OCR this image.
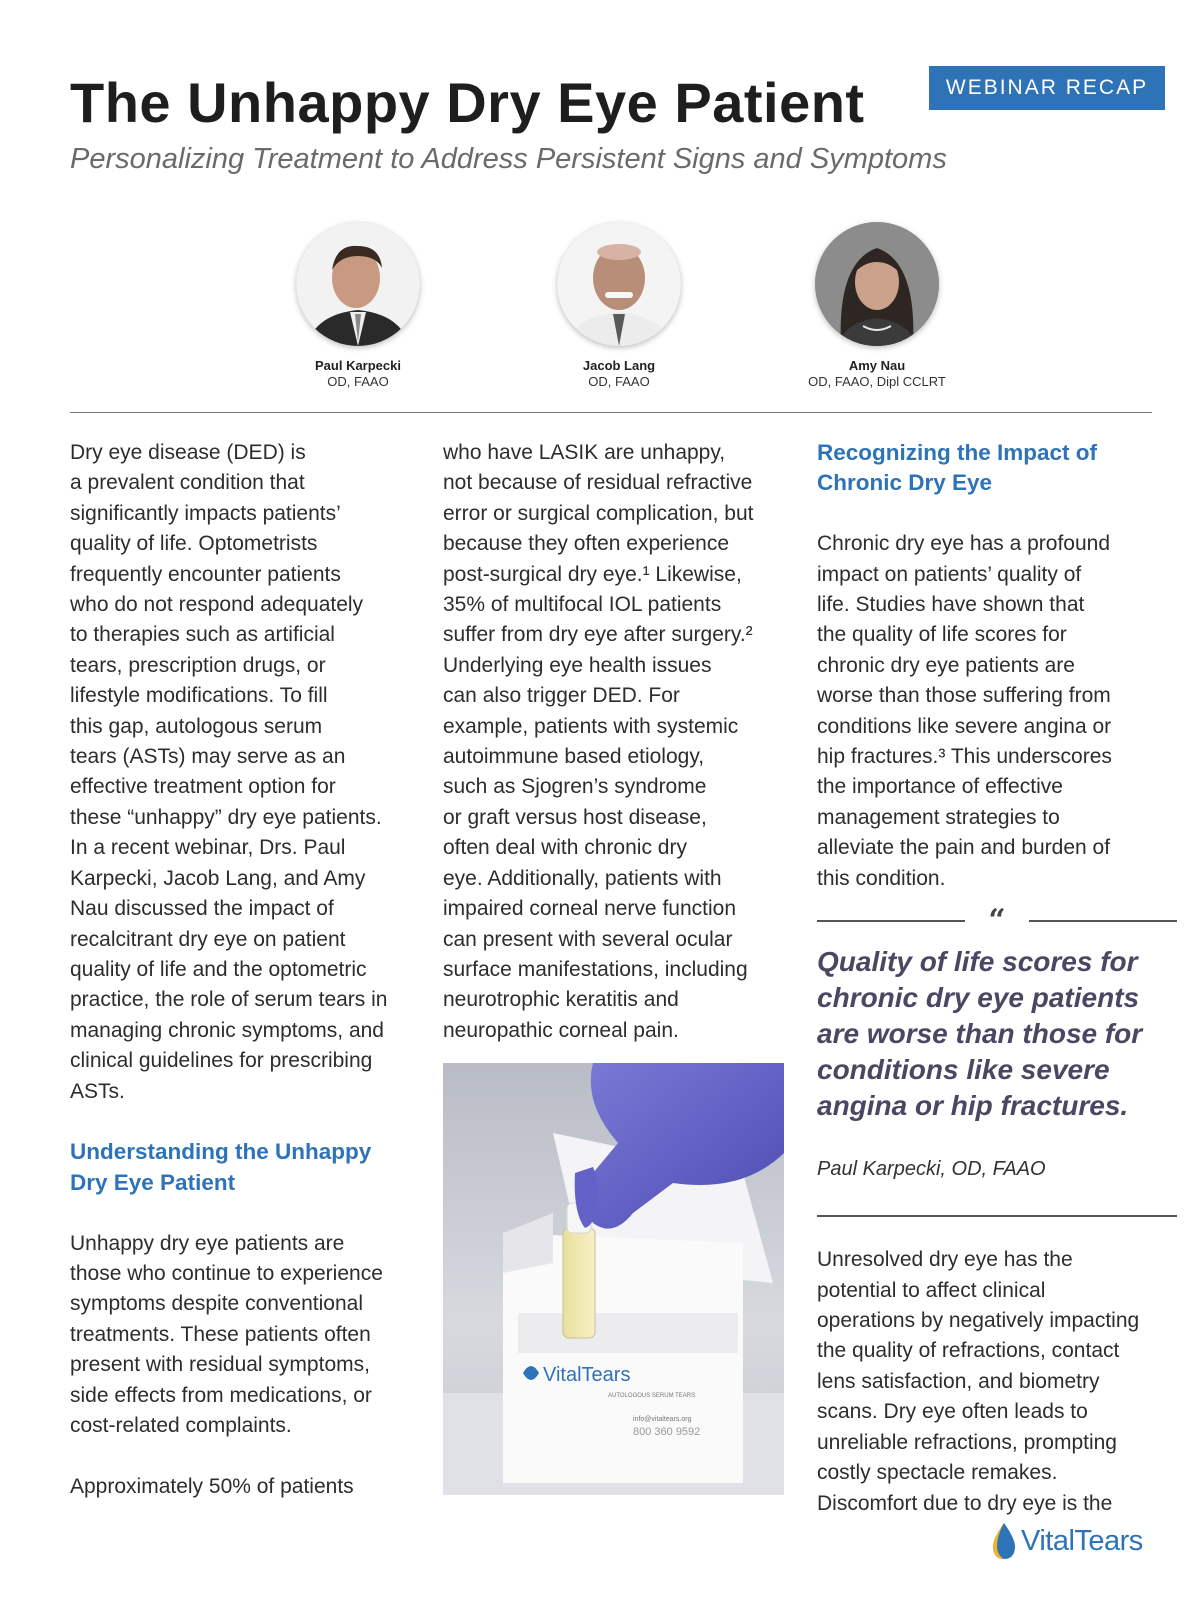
The Unhappy Dry Eye Patient	WEBINAR RECAP
Personalizing Treatment to Address Persistent Signs and Symptoms
Paul Karpecki
OD, FAAO
Jacob Lang
OD, FAAO
Amy Nau
OD, FAAO, Dipl CCLRT

Dry eye disease (DED) is
a prevalent condition that
significantly impacts patients’
quality of life. Optometrists
frequently encounter patients
who do not respond adequately
to therapies such as artificial
tears, prescription drugs, or
lifestyle modifications. To fill
this gap, autologous serum
tears (ASTs) may serve as an
effective treatment option for
these “unhappy” dry eye patients.
In a recent webinar, Drs. Paul
Karpecki, Jacob Lang, and Amy
Nau discussed the impact of
recalcitrant dry eye on patient
quality of life and the optometric
practice, the role of serum tears in
managing chronic symptoms, and
clinical guidelines for prescribing
ASTs.

Understanding the Unhappy
Dry Eye Patient

Unhappy dry eye patients are
those who continue to experience
symptoms despite conventional
treatments. These patients often
present with residual symptoms,
side effects from medications, or
cost-related complaints.

Approximately 50% of patients

who have LASIK are unhappy,
not because of residual refractive
error or surgical complication, but
because they often experience
post-surgical dry eye.¹ Likewise,
35% of multifocal IOL patients
suffer from dry eye after surgery.²
Underlying eye health issues
can also trigger DED. For
example, patients with systemic
autoimmune based etiology,
such as Sjogren’s syndrome
or graft versus host disease,
often deal with chronic dry
eye. Additionally, patients with
impaired corneal nerve function
can present with several ocular
surface manifestations, including
neurotrophic keratitis and
neuropathic corneal pain.

VitalTears
AUTOLOGOUS SERUM TEARS
info@vitaltears.org
800 360 9592
Recognizing the Impact of
Chronic Dry Eye

Chronic dry eye has a profound
impact on patients’ quality of
life. Studies have shown that
the quality of life scores for
chronic dry eye patients are
worse than those suffering from
conditions like severe angina or
hip fractures.³ This underscores
the importance of effective
management strategies to
alleviate the pain and burden of
this condition.

“

Quality of life scores for
chronic dry eye patients
are worse than those for
conditions like severe
angina or hip fractures.

Paul Karpecki, OD, FAAO

Unresolved dry eye has the
potential to affect clinical
operations by negatively impacting
the quality of refractions, contact
lens satisfaction, and biometry
scans. Dry eye often leads to
unreliable refractions, prompting
costly spectacle remakes.
Discomfort due to dry eye is the

VitalTears
